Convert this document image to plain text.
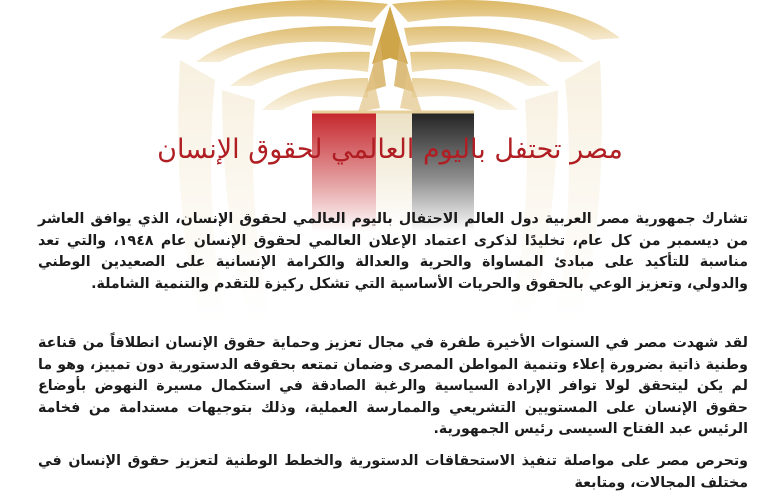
مصر تحتفل باليوم العالمي لحقوق الإنسان

تشارك جمهورية مصر العربية دول العالم الاحتفال باليوم العالمي لحقوق الإنسان، الذي يوافق العاشر من ديسمبر من كل عام، تخليدًا لذكرى اعتماد الإعلان العالمي لحقوق الإنسان عام ١٩٤٨، والتي تعد مناسبة للتأكيد على مبادئ المساواة والحرية والعدالة والكرامة الإنسانية على الصعيدين الوطني والدولي، وتعزيز الوعي بالحقوق والحريات الأساسية التي تشكل ركيزة للتقدم والتنمية الشاملة.

لقد شهدت مصر في السنوات الأخيرة طفرة في مجال تعزيز وحماية حقوق الإنسان انطلاقاً من قناعة وطنية ذاتية بضرورة إعلاء وتنمية المواطن المصرى وضمان تمتعه بحقوقه الدستورية دون تمييز، وهو ما لم يكن ليتحقق لولا توافر الإرادة السياسية والرغبة الصادقة في استكمال مسيرة النهوض بأوضاع حقوق الإنسان على المستويين التشريعي والممارسة العملية، وذلك بتوجيهات مستدامة من فخامة الرئيس عبد الفتاح السيسى رئيس الجمهورية.

وتحرص مصر على مواصلة تنفيذ الاستحقاقات الدستورية والخطط الوطنية لتعزيز حقوق الإنسان في مختلف المجالات، ومتابعة
